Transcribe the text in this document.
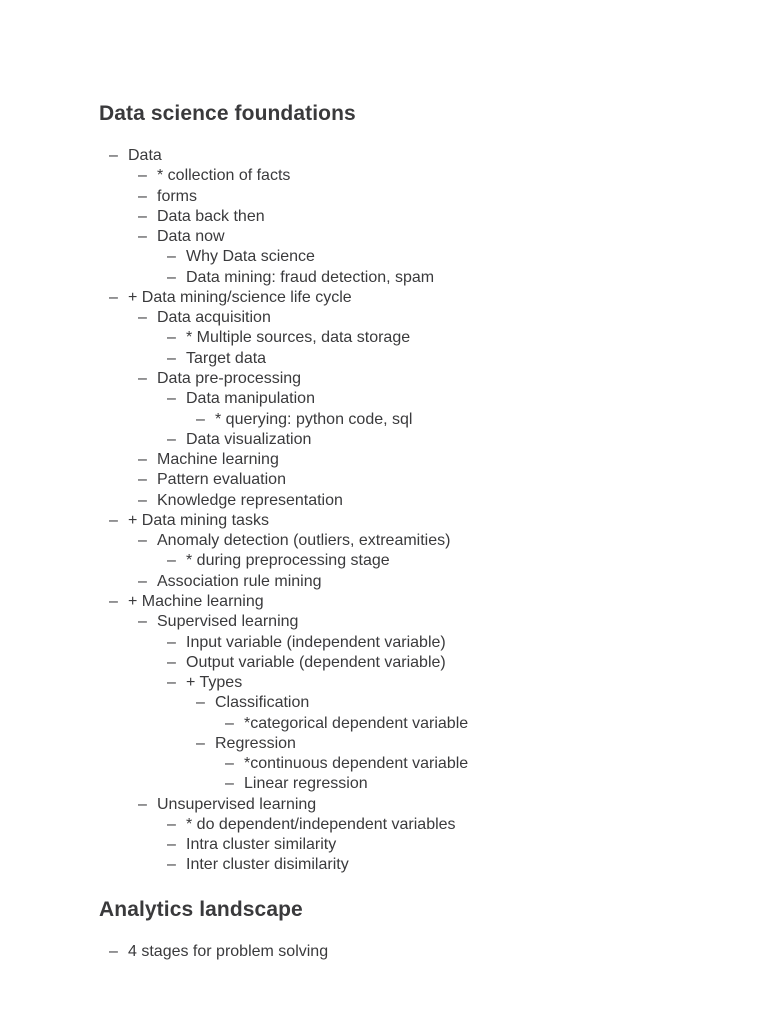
Data science foundations
– Data
– * collection of facts
– forms
– Data back then
– Data now
– Why Data science
– Data mining: fraud detection, spam
– + Data mining/science life cycle
– Data acquisition
– * Multiple sources, data storage
– Target data
– Data pre-processing
– Data manipulation
– * querying: python code, sql
– Data visualization
– Machine learning
– Pattern evaluation
– Knowledge representation
– + Data mining tasks
– Anomaly detection (outliers, extreamities)
– * during preprocessing stage
– Association rule mining
– + Machine learning
– Supervised learning
– Input variable (independent variable)
– Output variable (dependent variable)
– + Types
– Classification
– *categorical dependent variable
– Regression
– *continuous dependent variable
– Linear regression
– Unsupervised learning
– * do dependent/independent variables
– Intra cluster similarity
– Inter cluster disimilarity
Analytics landscape
– 4 stages for problem solving
